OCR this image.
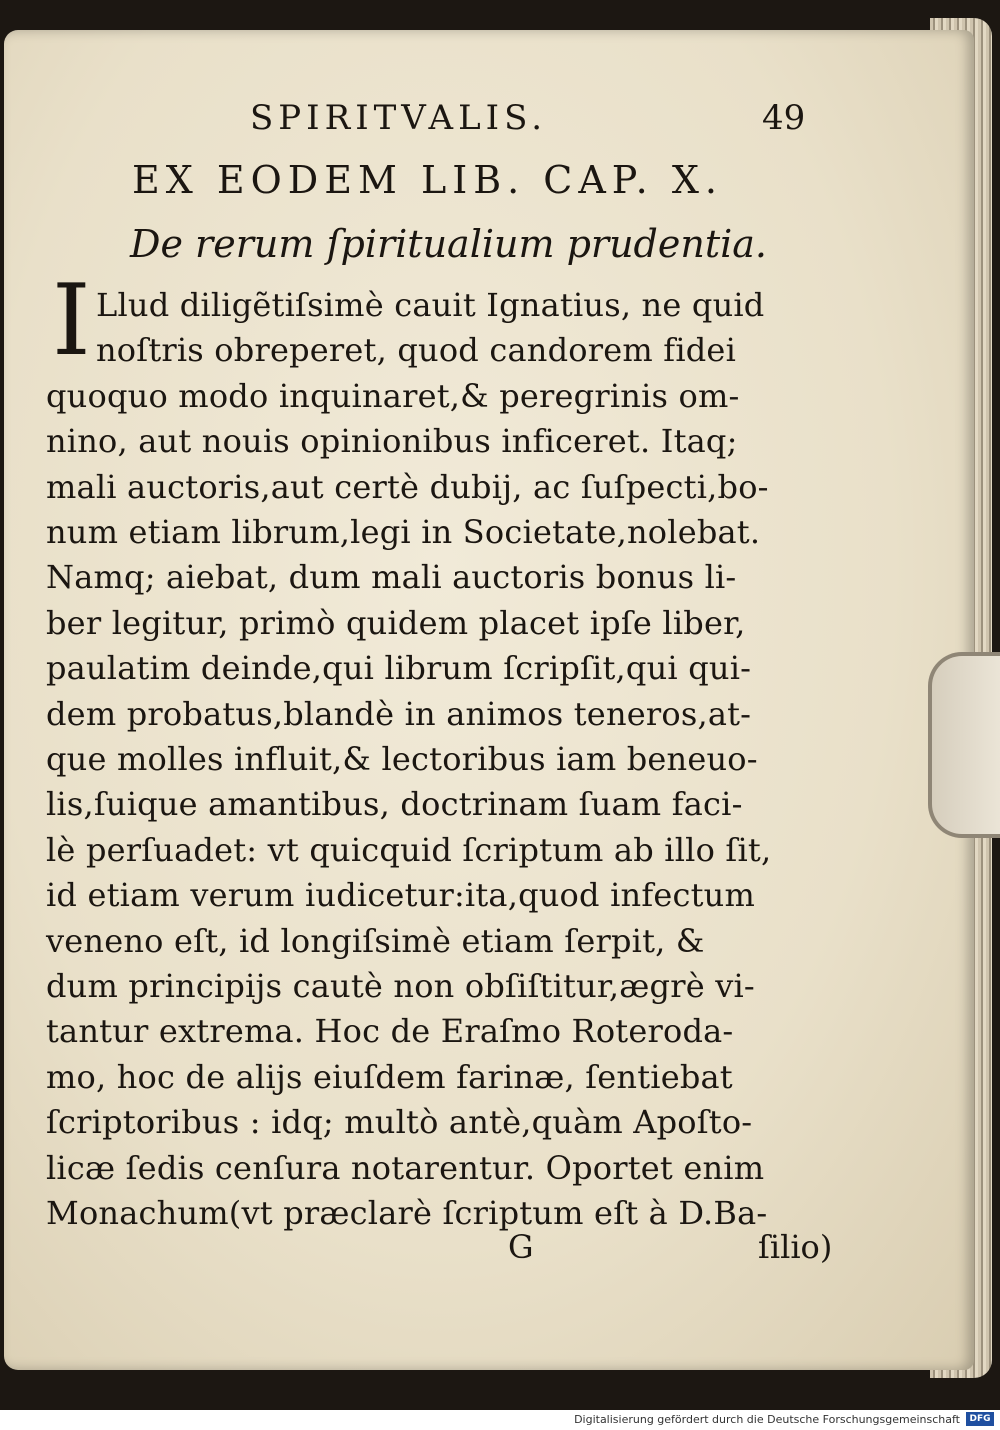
SPIRITVALIS.	49
EX EODEM LIB. CAP. X.
De rerum ſpiritualium prudentia.
I Llud diligẽtiſsimè cauit Ignatius, ne quid
noſtris obreperet, quod candorem fidei
quoquo modo inquinaret,& peregrinis om-
nino, aut nouis opinionibus inficeret. Itaq;
mali auctoris,aut certè dubij, ac ſuſpecti,bo-
num etiam librum,legi in Societate,nolebat.
Namq; aiebat, dum mali auctoris bonus li-
ber legitur, primò quidem placet ipſe liber,
paulatim deinde,qui librum ſcripſit,qui qui-
dem probatus,blandè in animos teneros,at-
que molles influit,& lectoribus iam beneuo-
lis,ſuique amantibus, doctrinam ſuam faci-
lè perſuadet: vt quicquid ſcriptum ab illo ſit,
id etiam verum iudicetur:ita,quod infectum
veneno eſt, id longiſsimè etiam ſerpit, &
dum principijs cautè non obſiſtitur,ægrè vi-
tantur extrema. Hoc de Eraſmo Roteroda-
mo, hoc de alijs eiuſdem farinæ, ſentiebat
ſcriptoribus : idq; multò antè,quàm Apoſto-
licæ ſedis cenſura notarentur. Oportet enim
Monachum(vt præclarè ſcriptum eſt à D.Ba-
G	ſilio)
Digitalisierung gefördert durch die Deutsche Forschungsgemeinschaft	DFG
